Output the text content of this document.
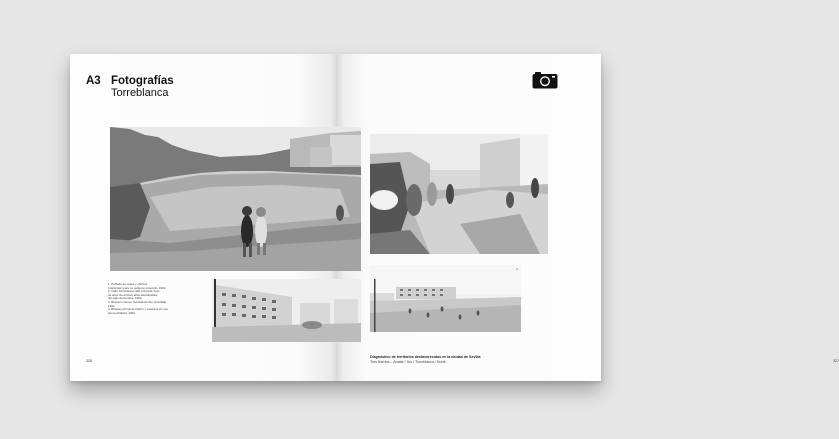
A3 Fotografías
Torreblanca
326	327
1. Poblado de casas y charcos
(marismas) para un polígono conocido. 1960.
2. Calle Torreblanca calle principal. Foto
de autor de Archivo años identificables
del siglo de Enrique. 1960.
3. Bloques nuevos Torreblanca Sur (Crisoltal). 1962.
4. Bloques al final del barrio y espacios sin uso
aprovechables. 1962.
4
Diagnóstico de territorios desfavorecidos en la ciudad de Sevilla
Tres Barrios – Amate / Sur / Torreblanca / Norte
